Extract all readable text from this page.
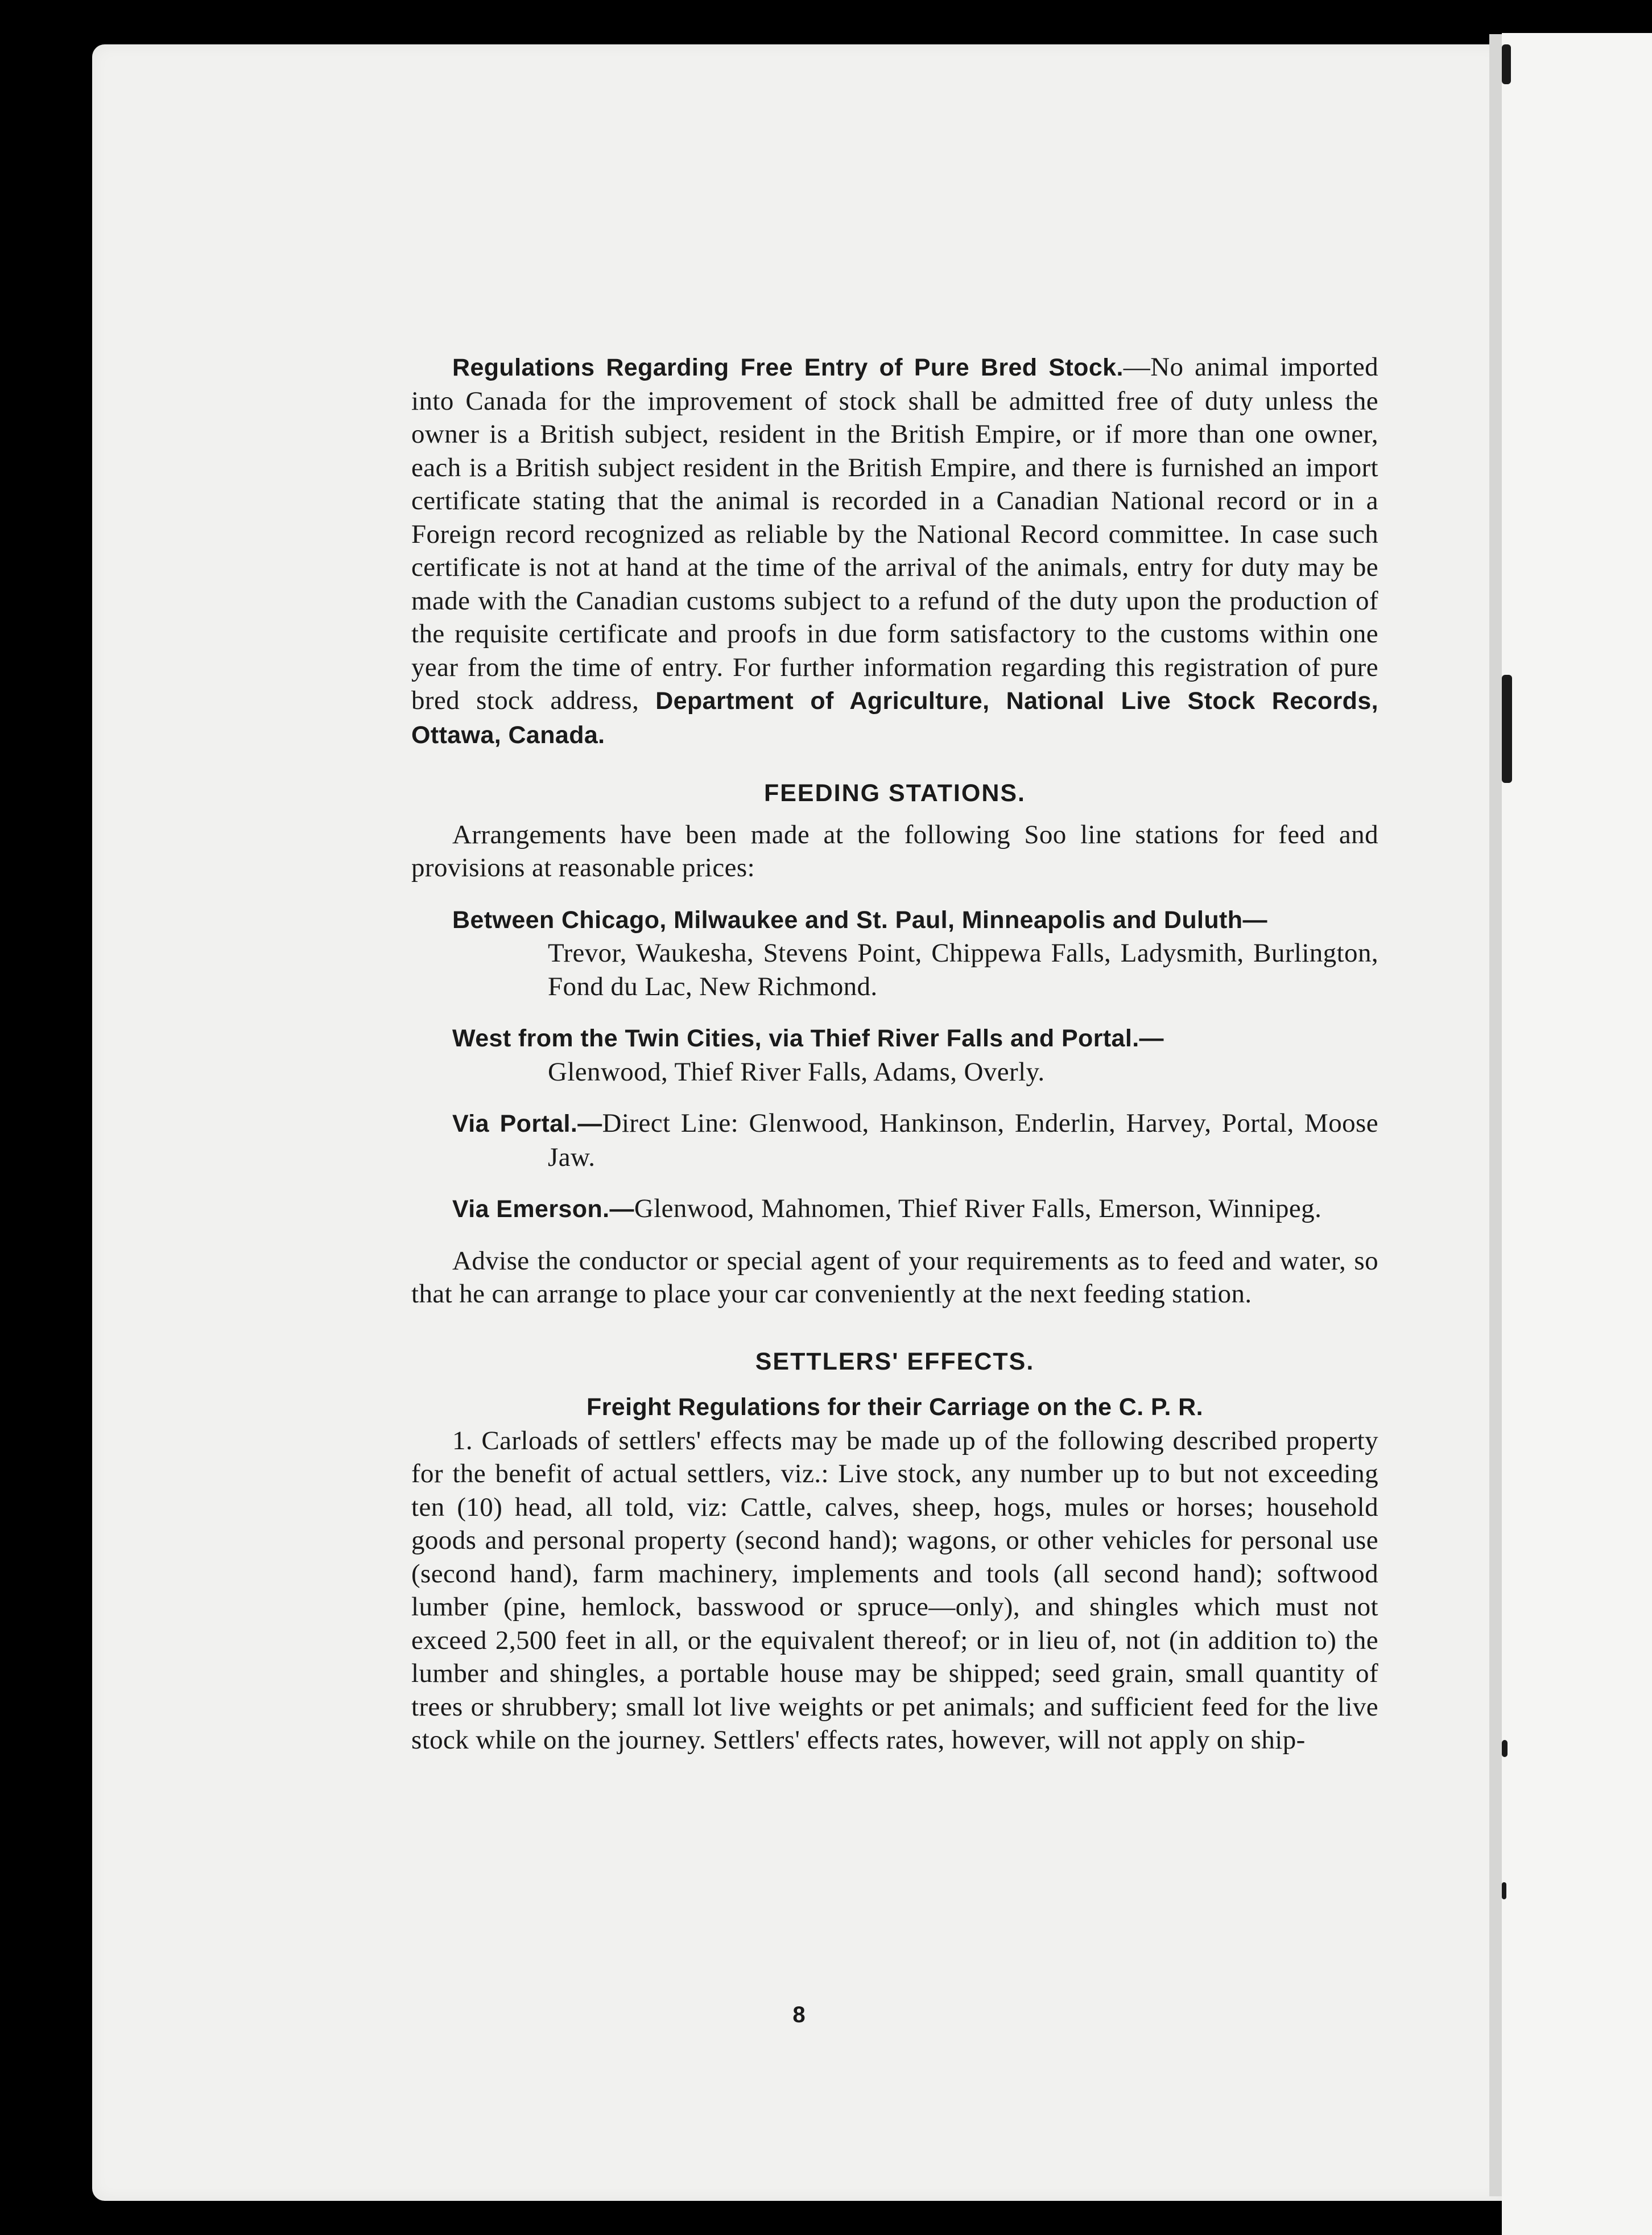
Regulations Regarding Free Entry of Pure Bred Stock.—No animal imported into Canada for the improvement of stock shall be admitted free of duty unless the owner is a British subject, resident in the British Empire, or if more than one owner, each is a British subject resident in the British Empire, and there is furnished an import certificate stating that the animal is recorded in a Canadian National record or in a Foreign record recognized as reliable by the National Record committee. In case such certificate is not at hand at the time of the arrival of the animals, entry for duty may be made with the Canadian customs subject to a refund of the duty upon the production of the requisite certificate and proofs in due form satisfactory to the customs within one year from the time of entry. For further information regarding this registration of pure bred stock address, Department of Agriculture, National Live Stock Records, Ottawa, Canada.

FEEDING STATIONS.

Arrangements have been made at the following Soo line stations for feed and provisions at reasonable prices:

Between Chicago, Milwaukee and St. Paul, Minneapolis and Duluth—
Trevor, Waukesha, Stevens Point, Chippewa Falls, Ladysmith, Burlington, Fond du Lac, New Richmond.

West from the Twin Cities, via Thief River Falls and Portal.—
Glenwood, Thief River Falls, Adams, Overly.

Via Portal.—Direct Line: Glenwood, Hankinson, Enderlin, Harvey, Portal, Moose Jaw.

Via Emerson.—Glenwood, Mahnomen, Thief River Falls, Emerson, Winnipeg.

Advise the conductor or special agent of your requirements as to feed and water, so that he can arrange to place your car conveniently at the next feeding station.

SETTLERS' EFFECTS.
Freight Regulations for their Carriage on the C. P. R.

1. Carloads of settlers' effects may be made up of the following described property for the benefit of actual settlers, viz.: Live stock, any number up to but not exceeding ten (10) head, all told, viz: Cattle, calves, sheep, hogs, mules or horses; household goods and personal property (second hand); wagons, or other vehicles for personal use (second hand), farm machinery, implements and tools (all second hand); softwood lumber (pine, hemlock, basswood or spruce—only), and shingles which must not exceed 2,500 feet in all, or the equivalent thereof; or in lieu of, not (in addition to) the lumber and shingles, a portable house may be shipped; seed grain, small quantity of trees or shrubbery; small lot live weights or pet animals; and sufficient feed for the live stock while on the journey. Settlers' effects rates, however, will not apply on ship-

8
